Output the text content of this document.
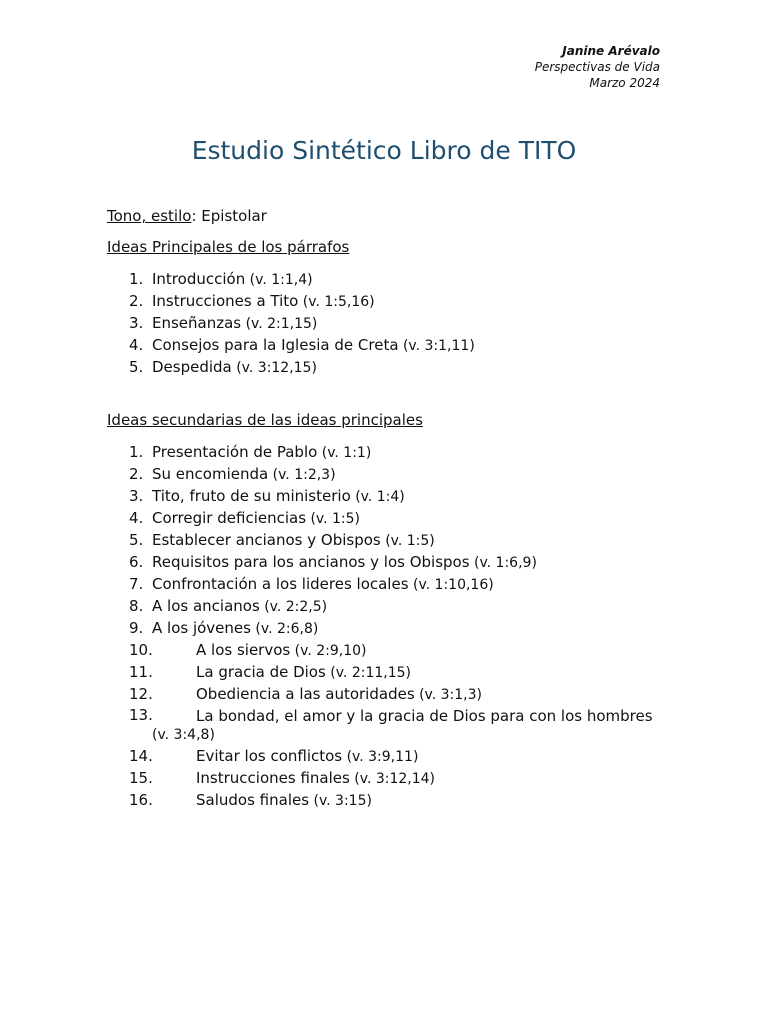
Janine Arévalo
Perspectivas de Vida
Marzo 2024
Estudio Sintético Libro de TITO
Tono, estilo: Epistolar
Ideas Principales de los párrafos
1. Introducción (v. 1:1,4)
2. Instrucciones a Tito (v. 1:5,16)
3. Enseñanzas (v. 2:1,15)
4. Consejos para la Iglesia de Creta (v. 3:1,11)
5. Despedida (v. 3:12,15)
Ideas secundarias de las ideas principales
1. Presentación de Pablo (v. 1:1)
2. Su encomienda (v. 1:2,3)
3. Tito, fruto de su ministerio (v. 1:4)
4. Corregir deficiencias (v. 1:5)
5. Establecer ancianos y Obispos (v. 1:5)
6. Requisitos para los ancianos y los Obispos (v. 1:6,9)
7. Confrontación a los lideres locales (v. 1:10,16)
8. A los ancianos (v. 2:2,5)
9. A los jóvenes (v. 2:6,8)
10.	A los siervos (v. 2:9,10)
11.	La gracia de Dios (v. 2:11,15)
12.	Obediencia a las autoridades (v. 3:1,3)
13.	La bondad, el amor y la gracia de Dios para con los hombres
(v. 3:4,8)
14.	Evitar los conflictos (v. 3:9,11)
15.	Instrucciones finales (v. 3:12,14)
16.	Saludos finales (v. 3:15)
